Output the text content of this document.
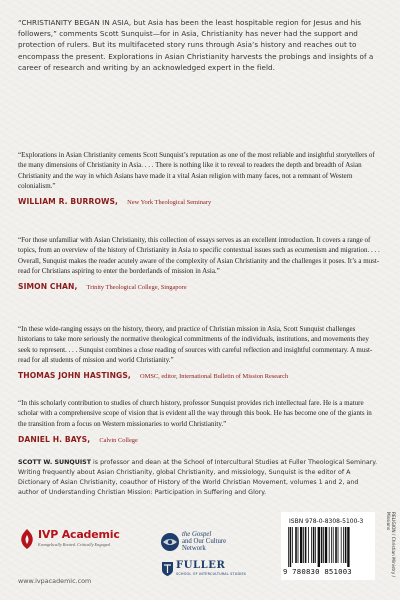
“CHRISTIANITY BEGAN IN ASIA, but Asia has been the least hospitable region for Jesus and his followers,” comments Scott Sunquist—for in Asia, Christianity has never had the support and protection of rulers. But its multifaceted story runs through Asia’s history and reaches out to encompass the present. Explorations in Asian Christianity harvests the probings and insights of a career of research and writing by an acknowledged expert in the field.

“Explorations in Asian Christianity cements Scott Sunquist’s reputation as one of the most reliable and insightful storytellers of the many dimensions of Christianity in Asia. . . . There is nothing like it to reveal to readers the depth and breadth of Asian Christianity and the way in which Asians have made it a vital Asian religion with many faces, not a remnant of Western colonialism.”

WILLIAM R. BURROWS, New York Theological Seminary

“For those unfamiliar with Asian Christianity, this collection of essays serves as an excellent introduction. It covers a range of topics, from an overview of the history of Christianity in Asia to specific contextual issues such as ecumenism and migration. . . . Overall, Sunquist makes the reader acutely aware of the complexity of Asian Christianity and the challenges it poses. It’s a must-read for Christians aspiring to enter the borderlands of mission in Asia.”

SIMON CHAN, Trinity Theological College, Singapore

“In these wide-ranging essays on the history, theory, and practice of Christian mission in Asia, Scott Sunquist challenges historians to take more seriously the normative theological commitments of the individuals, institutions, and movements they seek to represent. . . . Sunquist combines a close reading of sources with careful reflection and insightful commentary. A must-read for all students of mission and world Christianity.”

THOMAS JOHN HASTINGS, OMSC, editor, International Bulletin of Mission Research

“In this scholarly contribution to studies of church history, professor Sunquist provides rich intellectual fare. He is a mature scholar with a comprehensive scope of vision that is evident all the way through this book. He has become one of the giants in the transition from a focus on Western missionaries to world Christianity.”

DANIEL H. BAYS, Calvin College

SCOTT W. SUNQUIST is professor and dean at the School of Intercultural Studies at Fuller Theological Seminary. Writing frequently about Asian Christianity, global Christianity, and missiology, Sunquist is the editor of A Dictionary of Asian Christianity, coauthor of History of the World Christian Movement, volumes 1 and 2, and author of Understanding Christian Mission: Participation in Suffering and Glory.

IVP Academic
Evangelically Rooted. Critically Engaged.
www.ivpacademic.com
the Gospel
and Our Culture
Network
FULLER
SCHOOL OF INTERCULTURAL STUDIES
ISBN 978-0-8308-5100-3
9 780830 851003	RELIGION / Christian Ministry /
Missions
